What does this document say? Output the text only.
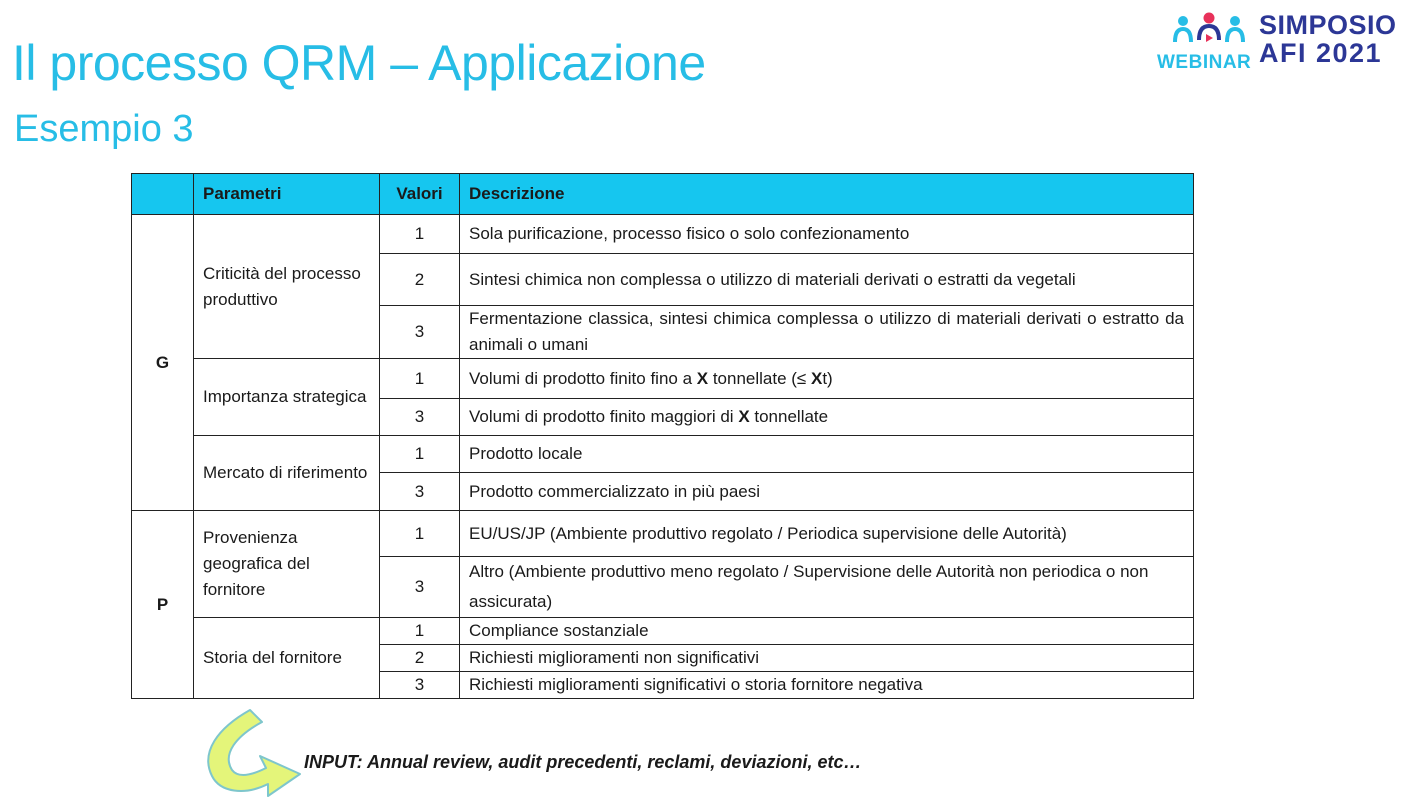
Il processo QRM – Applicazione
Esempio 3
WEBINAR
SIMPOSIO
AFI 2021
	Parametri	Valori	Descrizione
G	Criticità del processo produttivo	1	Sola purificazione, processo fisico o solo confezionamento
		2	Sintesi chimica non complessa o utilizzo di materiali derivati o estratti da vegetali
		3	Fermentazione classica, sintesi chimica complessa o utilizzo di materiali derivati o estratto da animali o umani
	Importanza strategica	1	Volumi di prodotto finito fino a X tonnellate (≤ Xt)
		3	Volumi di prodotto finito maggiori di X tonnellate
	Mercato di riferimento	1	Prodotto locale
		3	Prodotto commercializzato in più paesi
P	Provenienza geografica del fornitore	1	EU/US/JP (Ambiente produttivo regolato / Periodica supervisione delle Autorità)
		3	Altro (Ambiente produttivo meno regolato / Supervisione delle Autorità non periodica o non assicurata)
	Storia del fornitore	1	Compliance sostanziale
		2	Richiesti miglioramenti non significativi
		3	Richiesti miglioramenti significativi o storia fornitore negativa
INPUT: Annual review, audit precedenti, reclami, deviazioni, etc…
